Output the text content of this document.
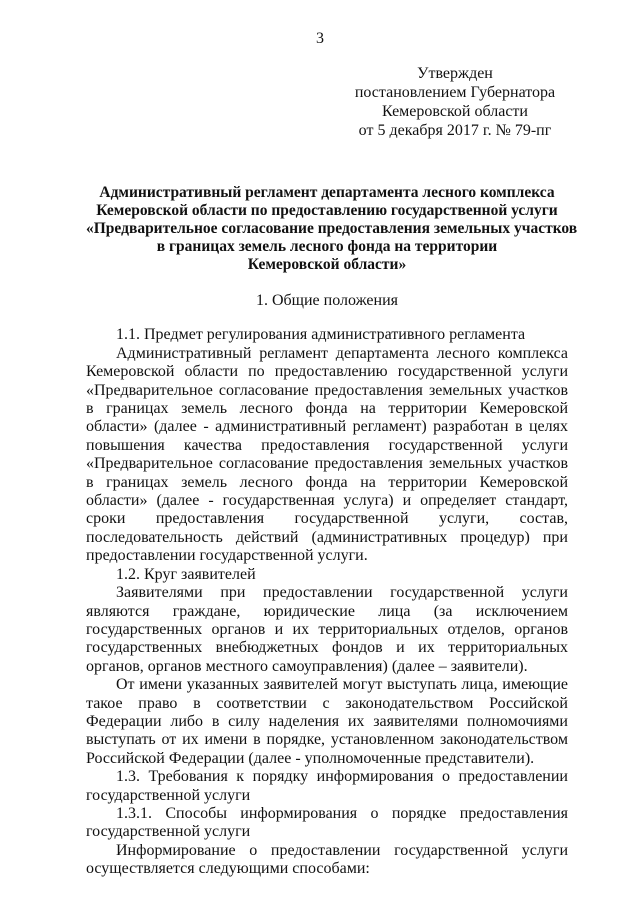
3
Утвержден
постановлением Губернатора
Кемеровской области
от 5 декабря 2017 г. № 79-пг
Административный регламент департамента лесного комплекса
Кемеровской области по предоставлению государственной услуги
«Предварительное согласование предоставления земельных участков
в границах земель лесного фонда на территории
Кемеровской области»
1. Общие положения
1.1. Предмет регулирования административного регламента
Административный регламент департамента лесного комплекса Кемеровской области по предоставлению государственной услуги «Предварительное согласование предоставления земельных участков в границах земель лесного фонда на территории Кемеровской области» (далее - административный регламент) разработан в целях повышения качества предоставления государственной услуги «Предварительное согласование предоставления земельных участков в границах земель лесного фонда на территории Кемеровской области» (далее - государственная услуга) и определяет стандарт, сроки предоставления государственной услуги, состав, последовательность действий (административных процедур) при предоставлении государственной услуги.
1.2. Круг заявителей
Заявителями при предоставлении государственной услуги являются граждане, юридические лица (за исключением государственных органов и их территориальных отделов, органов государственных внебюджетных фондов и их территориальных органов, органов местного самоуправления) (далее – заявители).
От имени указанных заявителей могут выступать лица, имеющие такое право в соответствии с законодательством Российской Федерации либо в силу наделения их заявителями полномочиями выступать от их имени в порядке, установленном законодательством Российской Федерации (далее - уполномоченные представители).
1.3. Требования к порядку информирования о предоставлении государственной услуги
1.3.1. Способы информирования о порядке предоставления государственной услуги
Информирование о предоставлении государственной услуги осуществляется следующими способами:
